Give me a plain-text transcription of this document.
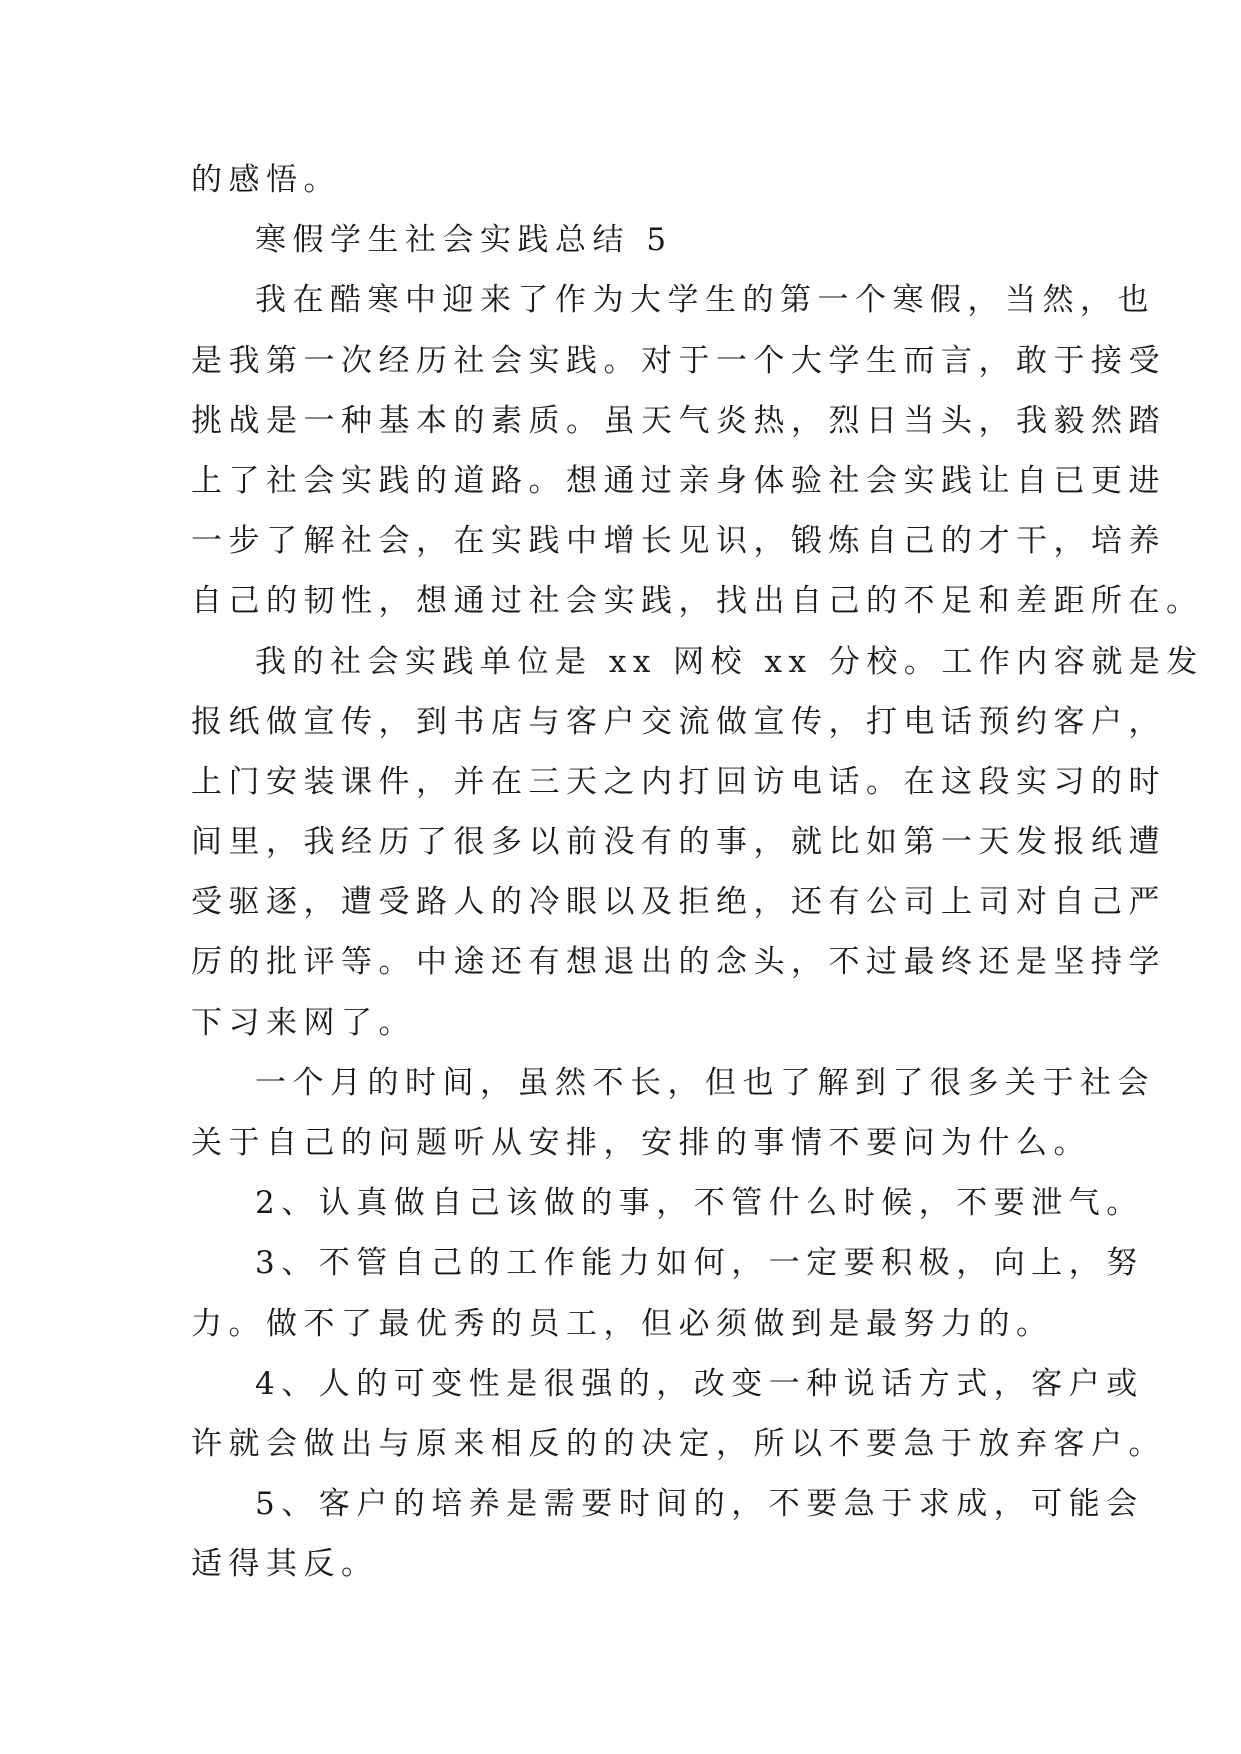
的感悟。
寒假学生社会实践总结 5
我在酷寒中迎来了作为大学生的第一个寒假，当然，也
是我第一次经历社会实践。对于一个大学生而言，敢于接受
挑战是一种基本的素质。虽天气炎热，烈日当头，我毅然踏
上了社会实践的道路。想通过亲身体验社会实践让自已更进
一步了解社会，在实践中增长见识，锻炼自己的才干，培养
自己的韧性，想通过社会实践，找出自己的不足和差距所在。
我的社会实践单位是 xx 网校 xx 分校。工作内容就是发
报纸做宣传，到书店与客户交流做宣传，打电话预约客户，
上门安装课件，并在三天之内打回访电话。在这段实习的时
间里，我经历了很多以前没有的事，就比如第一天发报纸遭
受驱逐，遭受路人的冷眼以及拒绝，还有公司上司对自己严
厉的批评等。中途还有想退出的念头，不过最终还是坚持学
下习来网了。
一个月的时间，虽然不长，但也了解到了很多关于社会
关于自己的问题听从安排，安排的事情不要问为什么。
2、认真做自己该做的事，不管什么时候，不要泄气。
3、不管自己的工作能力如何，一定要积极，向上，努
力。做不了最优秀的员工，但必须做到是最努力的。
4、人的可变性是很强的，改变一种说话方式，客户或
许就会做出与原来相反的的决定，所以不要急于放弃客户。
5、客户的培养是需要时间的，不要急于求成，可能会
适得其反。
